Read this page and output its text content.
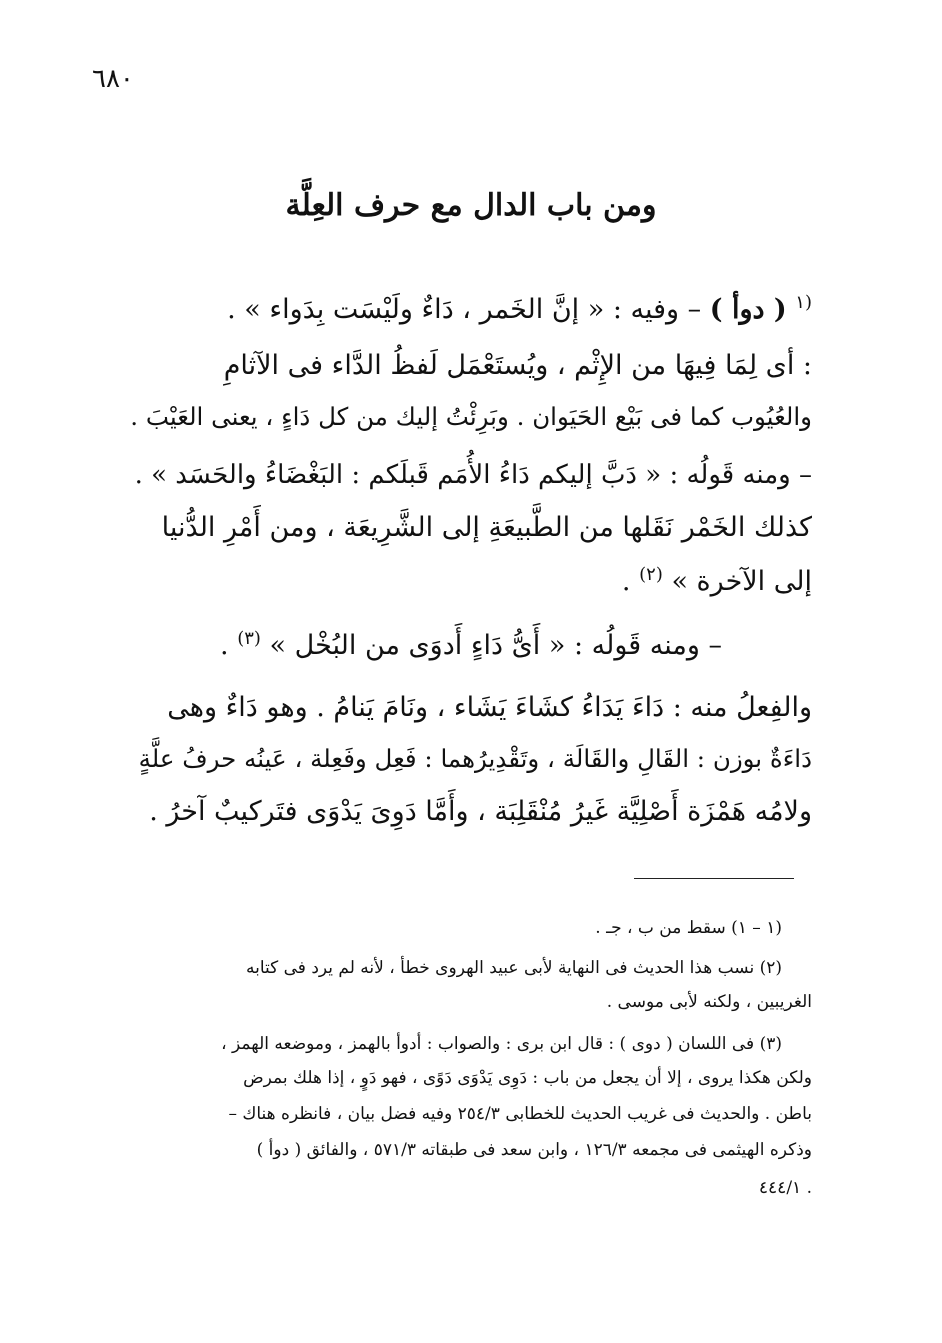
٦٨٠
ومن باب الدال مع حرف العِلَّة
$^{(١}$ ( دوأ ) – وفيه : « إنَّ الخَمر ، دَاءٌ ولَيْسَت بِدَواء » .
: أى لِمَا فِيهَا من الإِثْم ، ويُستَعْمَل لَفظُ الدَّاء فى الآثامِ
والعُيُوب كما فى بَيْع الحَيَوان . وبَرِئْتُ إليك من كل دَاءٍ ، يعنى العَيْبَ .
– ومنه قَولُه : « دَبَّ إليكم دَاءُ الأُمَم قَبلَكم : البَغْضَاءُ والحَسَد » .
كذلك الخَمْر نَقَلها من الطَّبيعَةِ إلى الشَّرِيعَة ، ومن أَمْرِ الدُّنيا
إلى الآخرة » $^{(٢)}$ .
– ومنه قَولُه : « أَىُّ دَاءٍ أَدوَى من البُخْل » $^{(٣)}$ .
والفِعلُ منه : دَاءَ يَدَاءُ كشَاءَ يَشَاء ، ونَامَ يَنامُ . وهو دَاءٌ وهى
دَاءَةٌ بوزن : القَالِ والقَالَة ، وتَقْدِيرُهما : فَعِل وفَعِلة ، عَينُه حرفُ علَّةٍ
ولامُه هَمْزَة أَصْلِيَّة غَيرُ مُنْقَلِبَة ، وأَمَّا دَوِىَ يَدْوَى فتَركيبٌ آخرُ .
(١ – ١) سقط من ب ، جـ .
(٢) نسب هذا الحديث فى النهاية لأبى عبيد الهروى خطأ ، لأنه لم يرد فى كتابه
الغريبين ، ولكنه لأبى موسى .
(٣) فى اللسان ( دوى ) : قال ابن برى : والصواب : أدوأ بالهمز ، وموضعه الهمز ،
ولكن هكذا يروى ، إلا أن يجعل من باب : دَوِى يَدْوَى دَوًى ، فهو دَوٍ ، إذا هلك بمرض
باطن . والحديث فى غريب الحديث للخطابى ٢٥٤/٣ وفيه فضل بيان ، فانظره هناك –
وذكره الهيثمى فى مجمعه ١٢٦/٣ ، وابن سعد فى طبقاته ٥٧١/٣ ، والفائق ( دوأ )
. ٤٤٤/١
